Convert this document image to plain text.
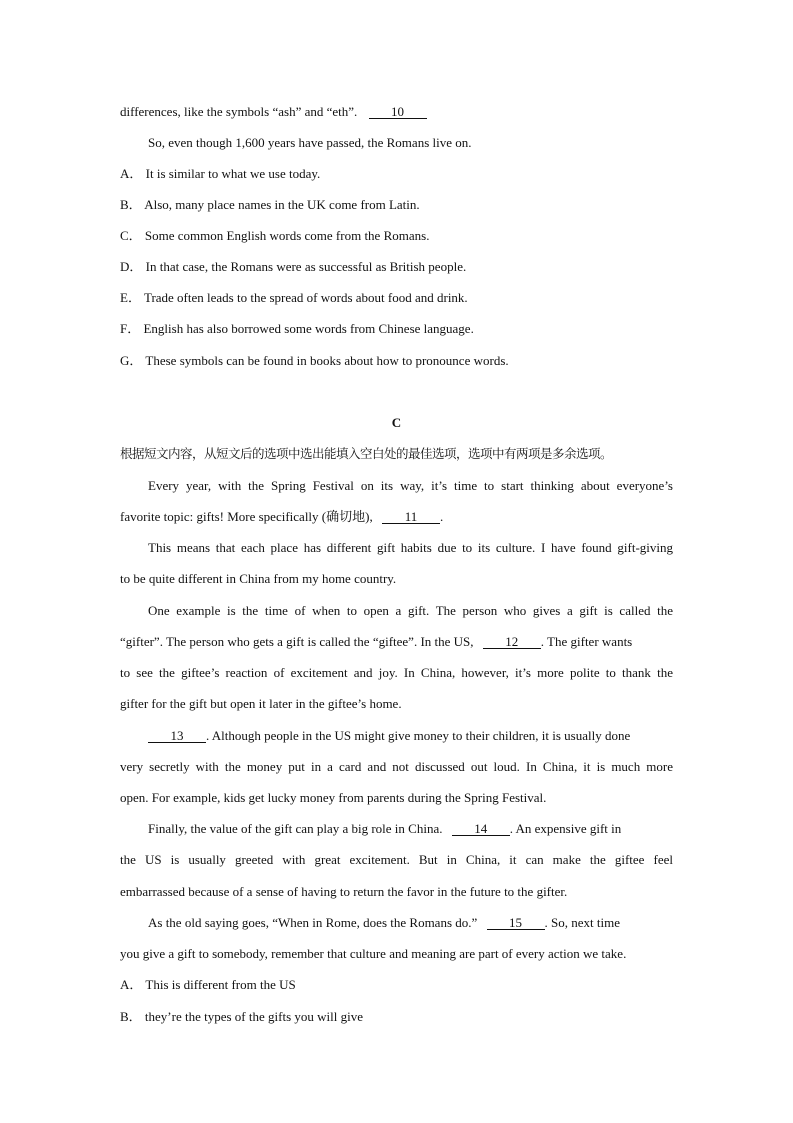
differences, like the symbols “ash” and “eth”.	10
So, even though 1,600 years have passed, the Romans live on.
A． It is similar to what we use today.
B． Also, many place names in the UK come from Latin.
C． Some common English words come from the Romans.
D． In that case, the Romans were as successful as British people.
E． Trade often leads to the spread of words about food and drink.
F． English has also borrowed some words from Chinese language.
G． These symbols can be found in books about how to pronounce words.
C
根据短文内容，从短文后的选项中选出能填入空白处的最佳选项，选项中有两项是多余选项。
Every year, with the Spring Festival on its way, it’s time to start thinking about everyone’s
favorite topic: gifts! More specifically (确切地), 11 .
This means that each place has different gift habits due to its culture. I have found gift-giving
to be quite different in China from my home country.
One example is the time of when to open a gift. The person who gives a gift is called the
“gifter”. The person who gets a gift is called the “giftee”. In the US, 12 . The gifter wants
to see the giftee’s reaction of excitement and joy. In China, however, it’s more polite to thank the
gifter for the gift but open it later in the giftee’s home.
13 . Although people in the US might give money to their children, it is usually done
very secretly with the money put in a card and not discussed out loud. In China, it is much more
open. For example, kids get lucky money from parents during the Spring Festival.
Finally, the value of the gift can play a big role in China. 14 . An expensive gift in
the US is usually greeted with great excitement. But in China, it can make the giftee feel
embarrassed because of a sense of having to return the favor in the future to the gifter.
As the old saying goes, “When in Rome, does the Romans do.” 15 . So, next time
you give a gift to somebody, remember that culture and meaning are part of every action we take.
A． This is different from the US
B． they’re the types of the gifts you will give
